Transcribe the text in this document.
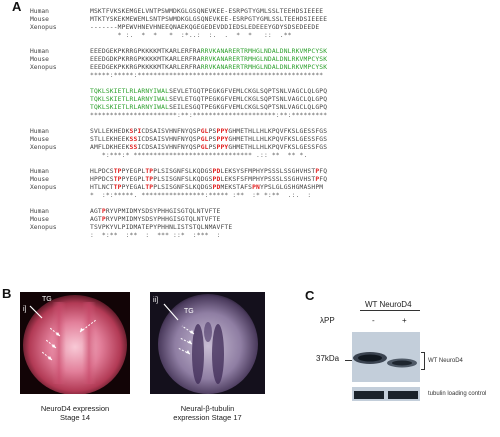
A Human	MSKTFVKSKEMGELVNTPSWMDKGLGSQNEVKEE-ESRPGTYGMLSSLTEEHDSIEEEE
Mouse	MTKTYSKEKMEWEMLSNTPSWMDKGLGSQNEVKEE-ESRPGTYGMLSSLTEEHDSIEEEE
Xenopus	-------MPEWVHNEVHNEEQNAEKQGEGEDEVDDIEDSLEDEEEYGDYSDSEDEEDE
* :. * * * :*..: :. . * * :: .**
Human	EEEDGEKPKRRGPKKKKMTKARLERFRARRVKANARERTRMHGLNDALDNLRKVMPCYSK
Mouse	EEEDGDKPKRRGPKKKKMTKARLERFRARRVKANARERTRMHGLNDALDNLRKVMPCYSK
Xenopus	EEEDGEKPKKRGPKKKKMTKARLERFRARRVKANARERTRMHGLNDALDNLRKVMPCYSK
*****:*****:***********************************************
TQKLSKIETLRLARNYIWALSEVLETGQTPEGKGFVEMLCKGLSQPTSNLVAGCLQLGPQ
TQKLSKIETLRLARNYIWALSEVLETGQTPEGKGFVEMLCKGLSQPTSNLVAGCLQLGPQ
TQKLSKIETLRLARNYIWALSEILESGQTPEGKGFVEMLCKGLSQPTSNLVAGCLQLGPQ
**********************:**:*********************:**:*********
Human	SVLLEKHEDKSPICDSAISVHNFNYQSPGLPSPPYGHMETHLLHLKPQVFKSLGESSFGS
Mouse	STLLEKHEEKSSICDSAISVHNFNYQSPGLPSPPYGHMETHLLHLKPQVFKSLGESSFGS
Xenopus	AMFLDKHEEKSSICDSAISVHNFNYQSPGLPSPPYGHMETHLLHLKPQVFKSLGESSFGS
*:***:* ****************************** .:: ** ** *.
Human	HLPDCSTPPYEGPLTPPLSISGNFSLKQDGSPDLEKSYSFMPHYPSSSLSSGHVHSTPFQ
Mouse	HPPDCSTPPYEGPLTPPLSISGNFSLKQDGSPDLEKSFSFMPHYPSSSLSSGHVHSTPFQ
Xenopus	HTLNCTTPPYEGALTPPLSISGNFSLKQDGSPDMEKSTAFSPNYPSLGLGSHGMASHPM
* :*:*****. ****************:***** :** :* *:** .:. :
Human	AGTPRYVPMIDMYSDSYPHHGISGTQLNTVFTE
Mouse	AGTPRYVPMIDMYSDSYPHHGISGTQLNTVFTE
Xenopus	TSVPKYVLPIDMATEPYPHHNLISTSTQLNMAVFTE
: *:** :** : *** ::* :*** :
B
i]
TG
NeuroD4 expression
Stage 14
ii]
TG
Neural-β-tubulin
expression Stage 17
C
WT NeuroD4
λPP	-	+
37kDa	WT NeuroD4
tubulin loading control
